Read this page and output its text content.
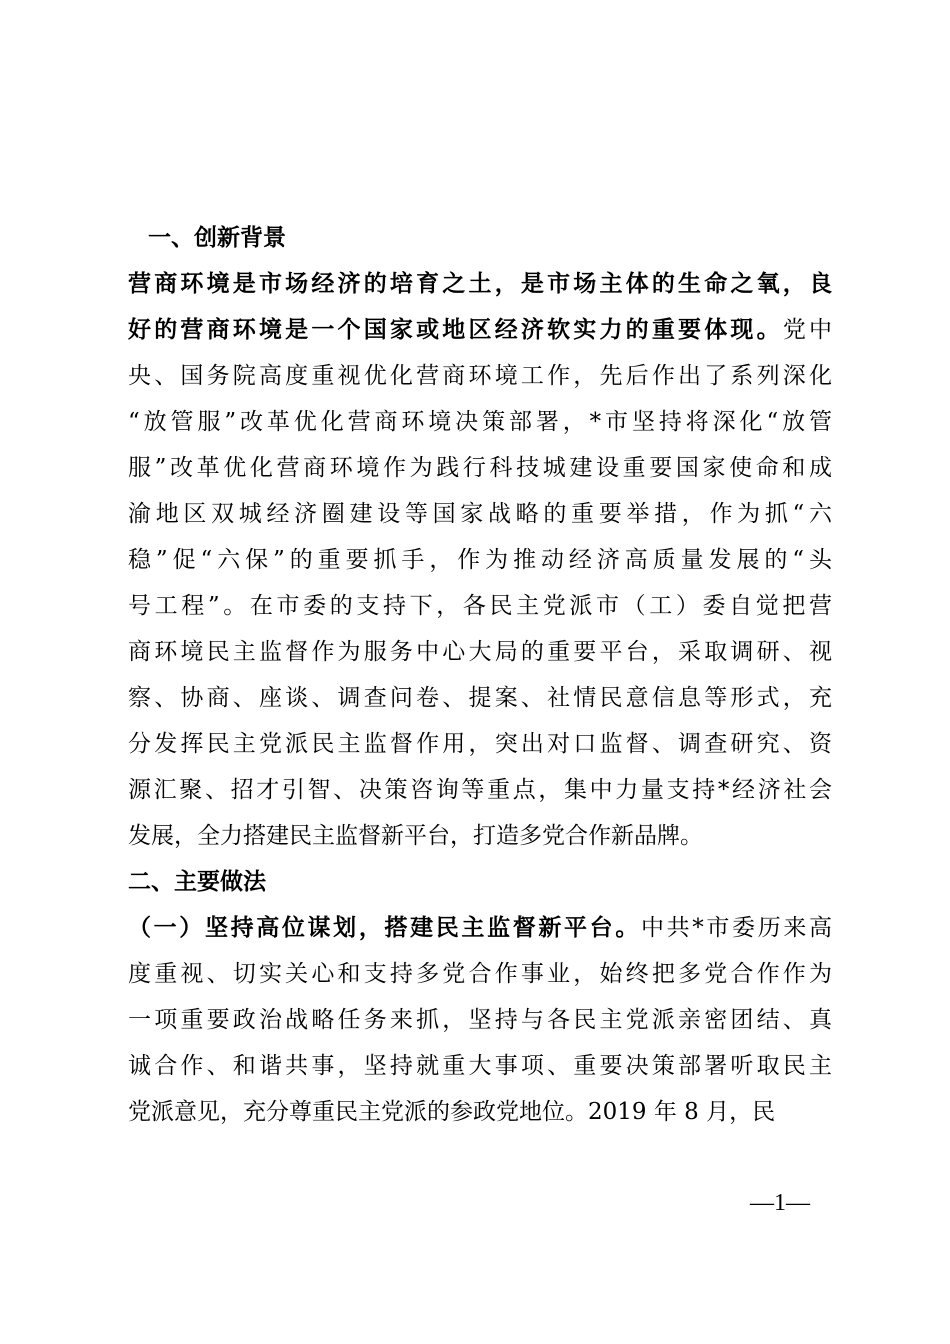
一、创新背景
营商环境是市场经济的培育之土，是市场主体的生命之氧，良
好的营商环境是一个国家或地区经济软实力的重要体现。党中
央、国务院高度重视优化营商环境工作，先后作出了系列深化
“放管服”改革优化营商环境决策部署，*市坚持将深化“放管
服”改革优化营商环境作为践行科技城建设重要国家使命和成
渝地区双城经济圈建设等国家战略的重要举措，作为抓“六
稳”促“六保”的重要抓手，作为推动经济高质量发展的“头
号工程”。在市委的支持下，各民主党派市（工）委自觉把营
商环境民主监督作为服务中心大局的重要平台，采取调研、视
察、协商、座谈、调查问卷、提案、社情民意信息等形式，充
分发挥民主党派民主监督作用，突出对口监督、调查研究、资
源汇聚、招才引智、决策咨询等重点，集中力量支持*经济社会
发展，全力搭建民主监督新平台，打造多党合作新品牌。
二、主要做法
（一）坚持高位谋划，搭建民主监督新平台。中共*市委历来高
度重视、切实关心和支持多党合作事业，始终把多党合作作为
一项重要政治战略任务来抓，坚持与各民主党派亲密团结、真
诚合作、和谐共事，坚持就重大事项、重要决策部署听取民主
党派意见，充分尊重民主党派的参政党地位。2019 年 8 月，民
—1—
